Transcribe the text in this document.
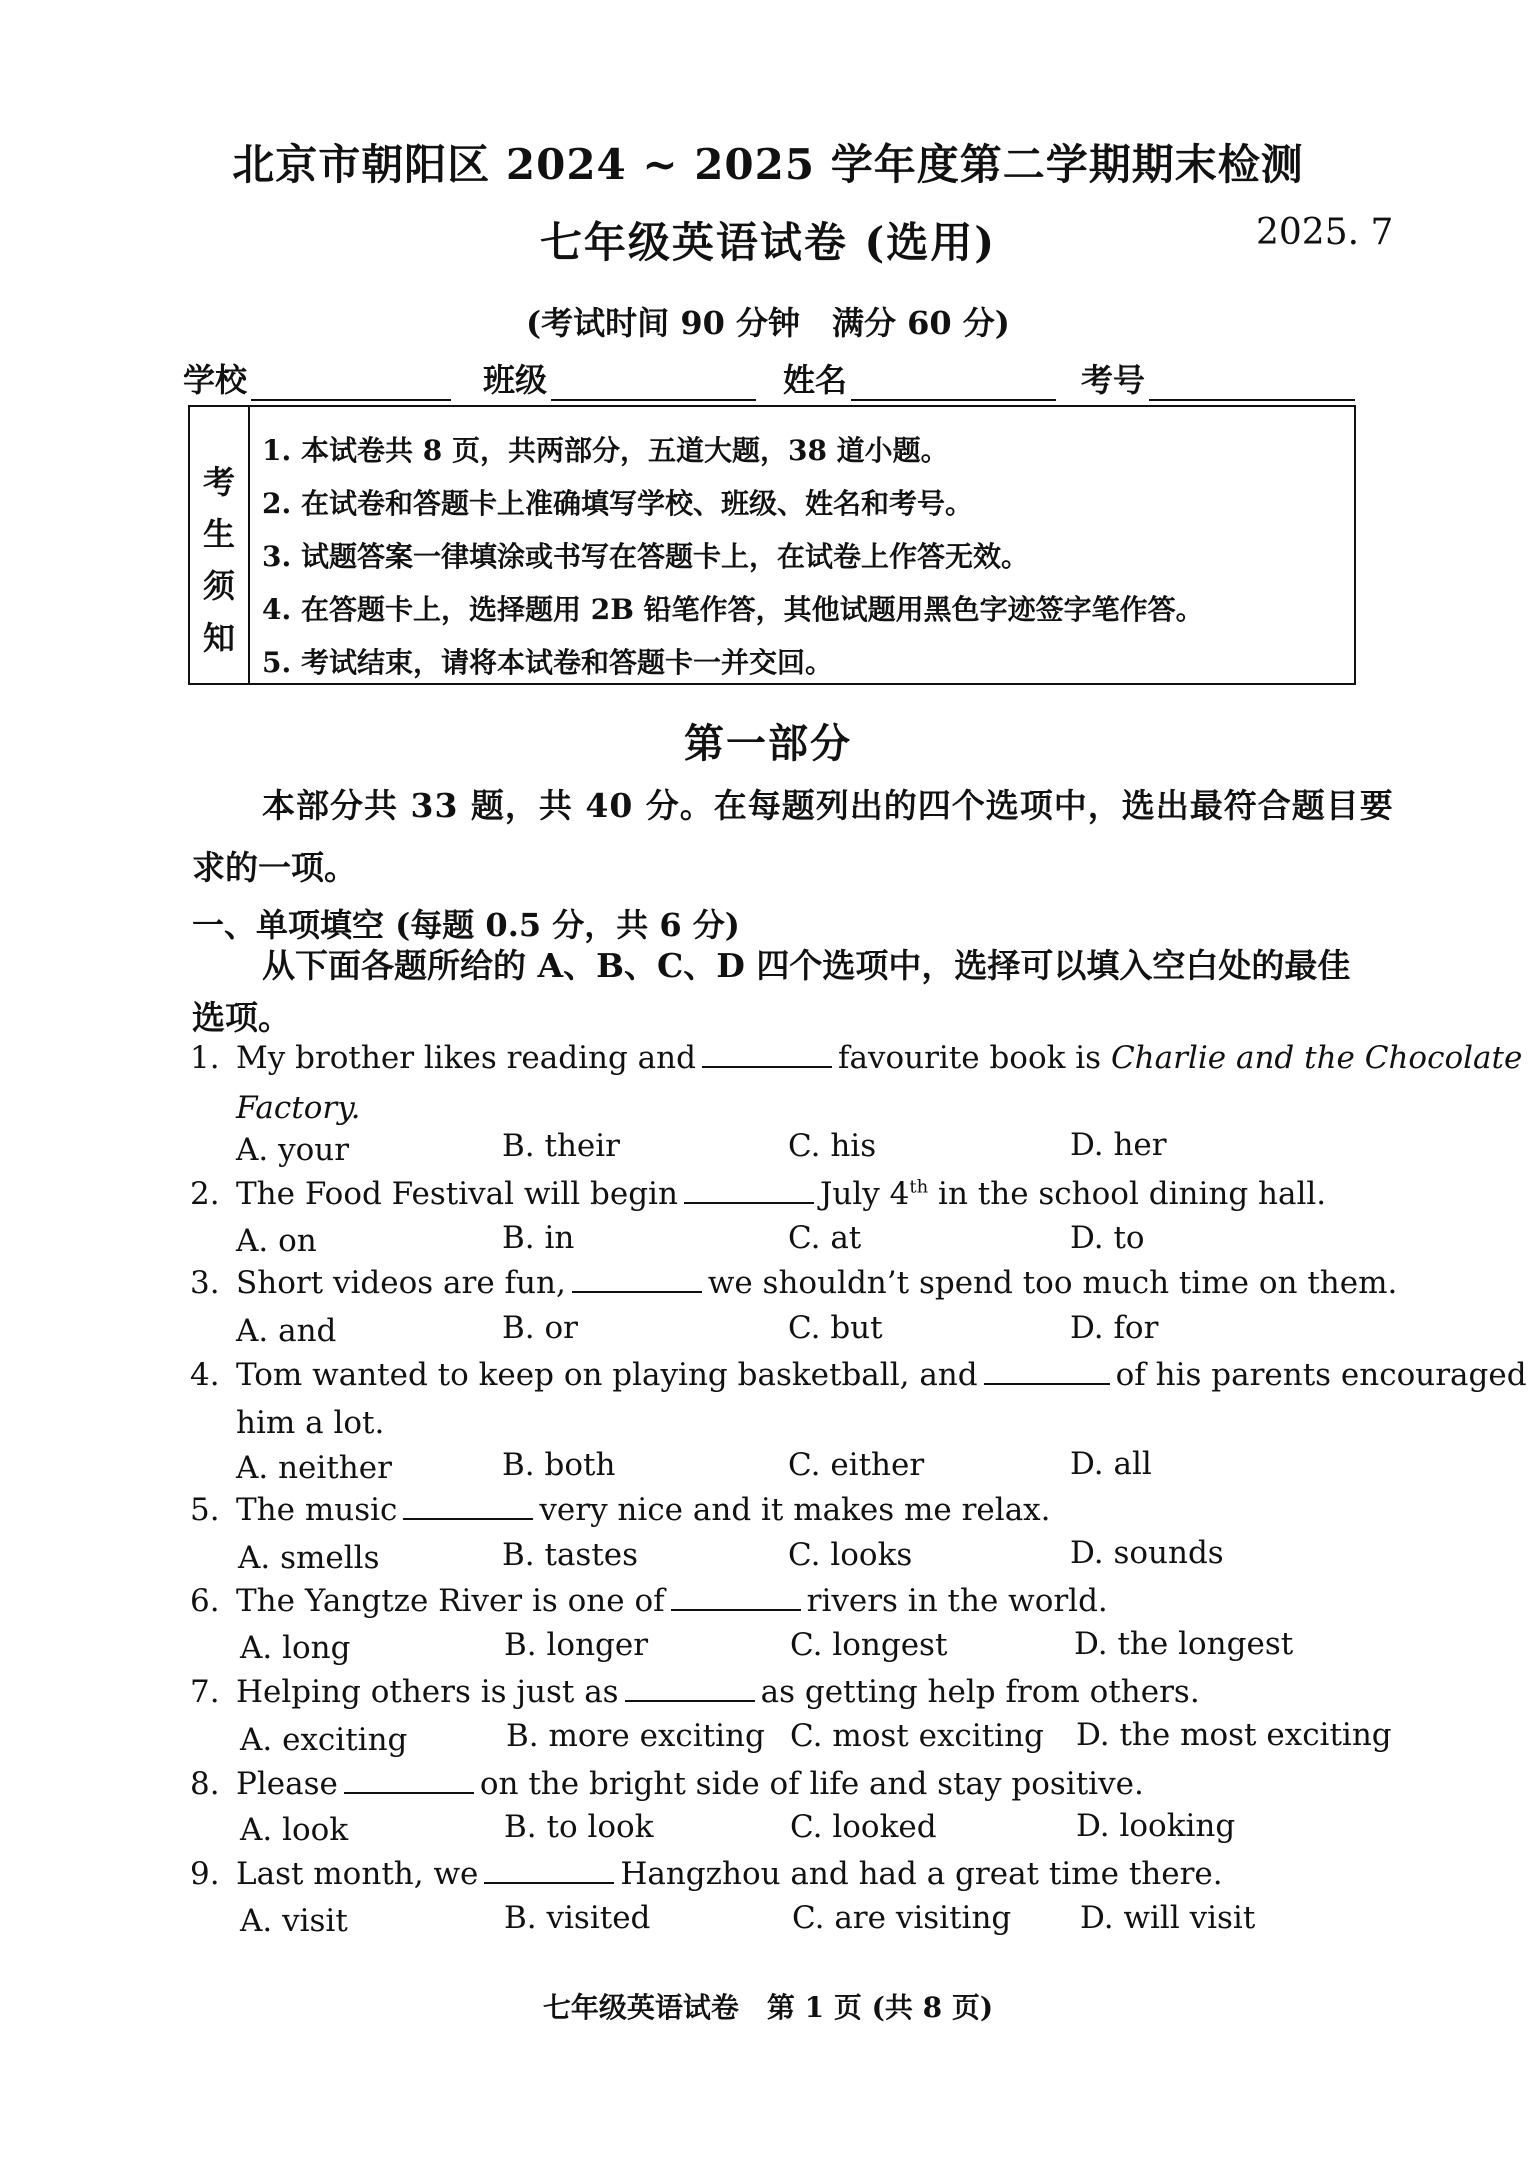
北京市朝阳区 2024 ~ 2025 学年度第二学期期末检测
七年级英语试卷 (选用)	2025. 7
(考试时间 90 分钟　满分 60 分)
学校	班级	姓名	考号
考
生
须
知
1. 本试卷共 8 页，共两部分，五道大题，38 道小题。
2. 在试卷和答题卡上准确填写学校、班级、姓名和考号。
3. 试题答案一律填涂或书写在答题卡上，在试卷上作答无效。
4. 在答题卡上，选择题用 2B 铅笔作答，其他试题用黑色字迹签字笔作答。
5. 考试结束，请将本试卷和答题卡一并交回。
第一部分
本部分共 33 题，共 40 分。在每题列出的四个选项中，选出最符合题目要
求的一项。
一、单项填空 (每题 0.5 分，共 6 分)
从下面各题所给的 A、B、C、D 四个选项中，选择可以填入空白处的最佳
选项。
1. My brother likes reading and	favourite book is Charlie and the Chocolate
Factory.
A. your	B. their	C. his	D. her
2. The Food Festival will begin	July 4th in the school dining hall.
A. on	B. in	C. at	D. to
3. Short videos are fun,	we shouldn’t spend too much time on them.
A. and	B. or	C. but	D. for
4. Tom wanted to keep on playing basketball, and	of his parents encouraged
him a lot.
A. neither	B. both	C. either	D. all
5. The music	very nice and it makes me relax.
A. smells	B. tastes	C. looks	D. sounds
6. The Yangtze River is one of	rivers in the world.
A. long	B. longer	C. longest	D. the longest
7. Helping others is just as	as getting help from others.
A. exciting	B. more exciting C. most exciting D. the most exciting
8. Please	on the bright side of life and stay positive.
A. look	B. to look	C. looked	D. looking
9. Last month, we	Hangzhou and had a great time there.
A. visit	B. visited	C. are visiting D. will visit
七年级英语试卷　第 1 页 (共 8 页)
